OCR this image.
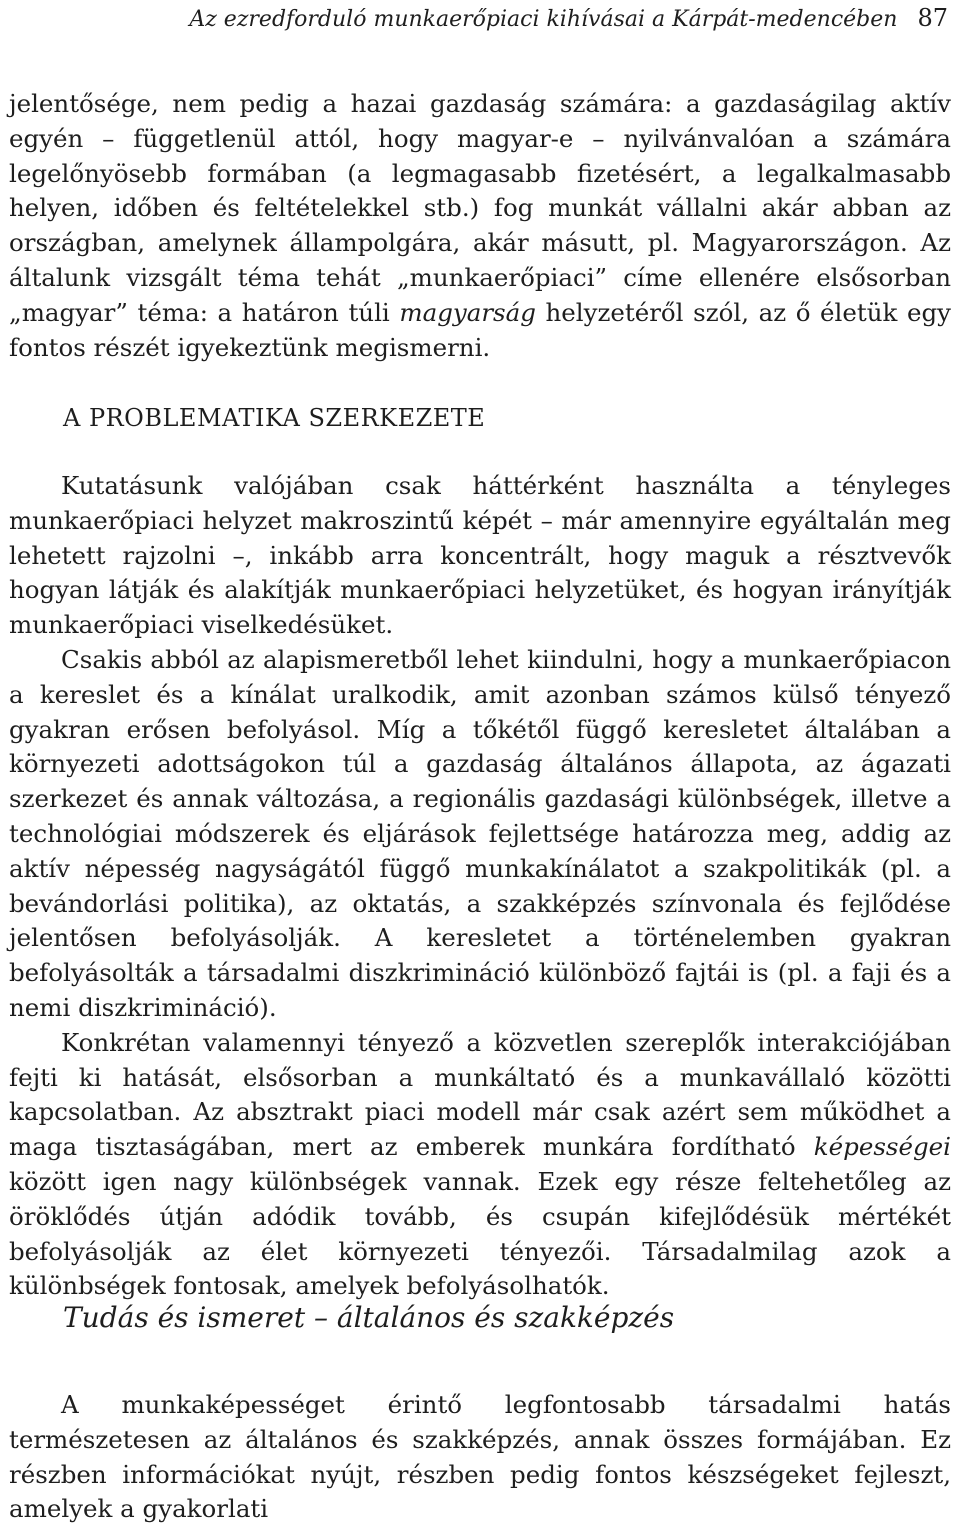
Az ezredforduló munkaerőpiaci kihívásai a Kárpát-medencében 87

jelentősége, nem pedig a hazai gazdaság számára: a gazdaságilag aktív egyén – függetlenül attól, hogy magyar-e – nyilvánvalóan a számára legelőnyösebb formában (a legmagasabb fizetésért, a legalkalmasabb helyen, időben és feltételekkel stb.) fog munkát vállalni akár abban az országban, amelynek állampolgára, akár másutt, pl. Magyarországon. Az általunk vizsgált téma tehát „munkaerőpiaci” címe ellenére elsősorban „magyar” téma: a határon túli magyarság helyzetéről szól, az ő életük egy fontos részét igyekeztünk megismerni.

A PROBLEMATIKA SZERKEZETE

Kutatásunk valójában csak háttérként használta a tényleges munkaerőpiaci helyzet makroszintű képét – már amennyire egyáltalán meg lehetett rajzolni –, inkább arra koncentrált, hogy maguk a résztvevők hogyan látják és alakítják munkaerőpiaci helyzetüket, és hogyan irányítják munkaerőpiaci viselkedésüket.

Csakis abból az alapismeretből lehet kiindulni, hogy a munkaerőpiacon a kereslet és a kínálat uralkodik, amit azonban számos külső tényező gyakran erősen befolyásol. Míg a tőkétől függő keresletet általában a környezeti adottságokon túl a gazdaság általános állapota, az ágazati szerkezet és annak változása, a regionális gazdasági különbségek, illetve a technológiai módszerek és eljárások fejlettsége határozza meg, addig az aktív népesség nagyságától függő munkakínálatot a szakpolitikák (pl. a bevándorlási politika), az oktatás, a szakképzés színvonala és fejlődése jelentősen befolyásolják. A keresletet a történelemben gyakran befolyásolták a társadalmi diszkrimináció különböző fajtái is (pl. a faji és a nemi diszkrimináció).

Konkrétan valamennyi tényező a közvetlen szereplők interakciójában fejti ki hatását, elsősorban a munkáltató és a munkavállaló közötti kapcsolatban. Az absztrakt piaci modell már csak azért sem működhet a maga tisztaságában, mert az emberek munkára fordítható képességei között igen nagy különbségek vannak. Ezek egy része feltehetőleg az öröklődés útján adódik tovább, és csupán kifejlődésük mértékét befolyásolják az élet környezeti tényezői. Társadalmilag azok a különbségek fontosak, amelyek befolyásolhatók.

Tudás és ismeret – általános és szakképzés

A munkaképességet érintő legfontosabb társadalmi hatás természetesen az általános és szakképzés, annak összes formájában. Ez részben információkat nyújt, részben pedig fontos készségeket fejleszt, amelyek a gyakorlati
